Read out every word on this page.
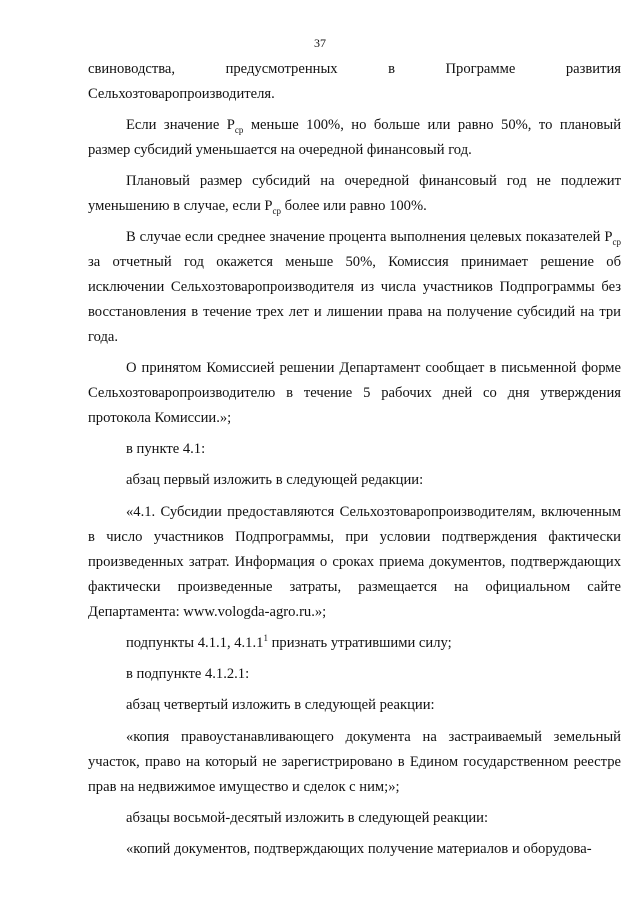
37

свиноводства, предусмотренных в Программе развития Сельхозтоваропроизводителя.

Если значение $Р_{ср}$ меньше 100%, но больше или равно 50%, то плановый размер субсидий уменьшается на очередной финансовый год.

Плановый размер субсидий на очередной финансовый год не подлежит уменьшению в случае, если $Р_{ср}$ более или равно 100%.

В случае если среднее значение процента выполнения целевых показателей $Р_{ср}$ за отчетный год окажется меньше 50%, Комиссия принимает решение об исключении Сельхозтоваропроизводителя из числа участников Подпрограммы без восстановления в течение трех лет и лишении права на получение субсидий на три года.

О принятом Комиссией решении Департамент сообщает в письменной форме Сельхозтоваропроизводителю в течение 5 рабочих дней со дня утверждения протокола Комиссии.»;

в пункте 4.1:

абзац первый изложить в следующей редакции:

«4.1. Субсидии предоставляются Сельхозтоваропроизводителям, включенным в число участников Подпрограммы, при условии подтверждения фактически произведенных затрат. Информация о сроках приема документов, подтверждающих фактически произведенные затраты, размещается на официальном сайте Департамента: www.vologda-agro.ru.»;

подпункты 4.1.1, 4.1.1$^1$ признать утратившими силу;

в подпункте 4.1.2.1:

абзац четвертый изложить в следующей реакции:

«копия правоустанавливающего документа на застраиваемый земельный участок, право на который не зарегистрировано в Едином государственном реестре прав на недвижимое имущество и сделок с ним;»;

абзацы восьмой-десятый изложить в следующей реакции:

«копий документов, подтверждающих получение материалов и оборудова-
